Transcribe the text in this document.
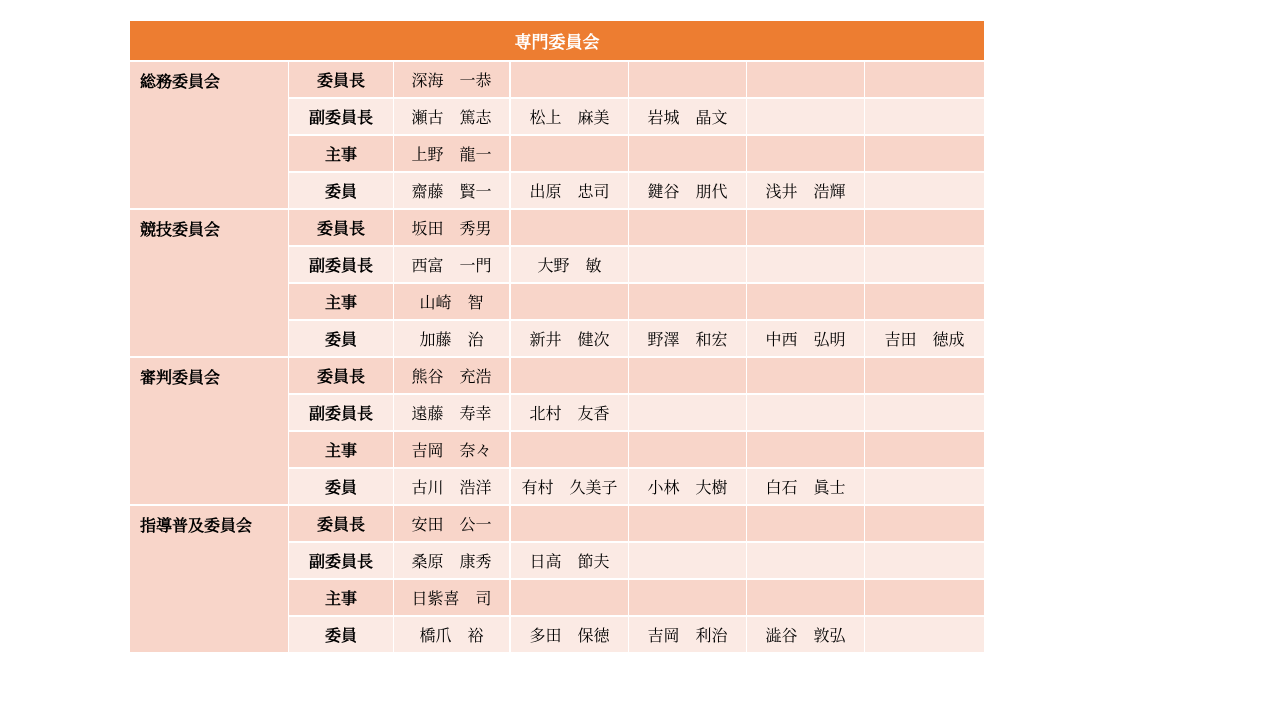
専門委員会						
総務委員会	委員長	深海　一恭				
	副委員長	瀬古　篤志	松上　麻美	岩城　晶文		
	主事	上野　龍一				
	委員	齋藤　賢一	出原　忠司	鍵谷　朋代	浅井　浩輝	
競技委員会	委員長	坂田　秀男				
	副委員長	西富　一門	大野　敏			
	主事	山崎　智				
	委員	加藤　治	新井　健次	野澤　和宏	中西　弘明	吉田　徳成
審判委員会	委員長	熊谷　充浩				
	副委員長	遠藤　寿幸	北村　友香			
	主事	吉岡　奈々				
	委員	古川　浩洋	有村　久美子	小林　大樹	白石　眞士	
指導普及委員会	委員長	安田　公一				
	副委員長	桑原　康秀	日高　節夫			
	主事	日紫喜　司				
	委員	橋爪　裕	多田　保徳	吉岡　利治	澁谷　敦弘	
